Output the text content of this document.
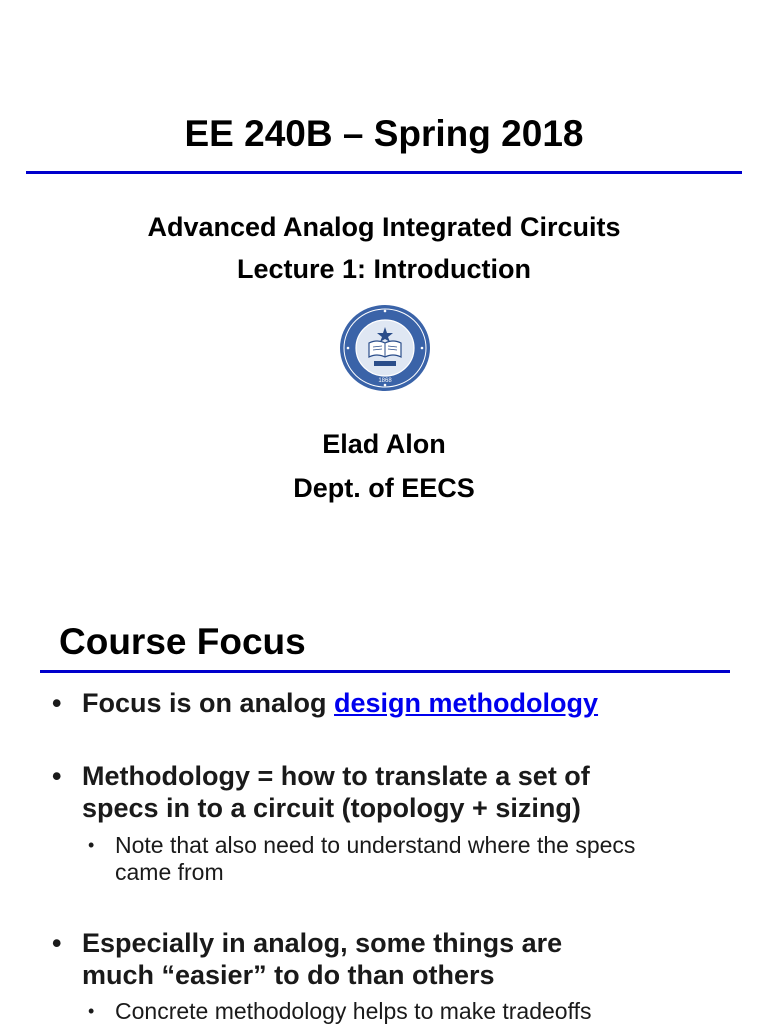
EE 240B – Spring 2018
Advanced Analog Integrated Circuits
Lecture 1: Introduction
1868
Elad Alon
Dept. of EECS
Course Focus
• Focus is on analog design methodology
• Methodology = how to translate a set of
specs in to a circuit (topology + sizing)
• Note that also need to understand where the specs
came from
• Especially in analog, some things are
much “easier” to do than others
• Concrete methodology helps to make tradeoffs
